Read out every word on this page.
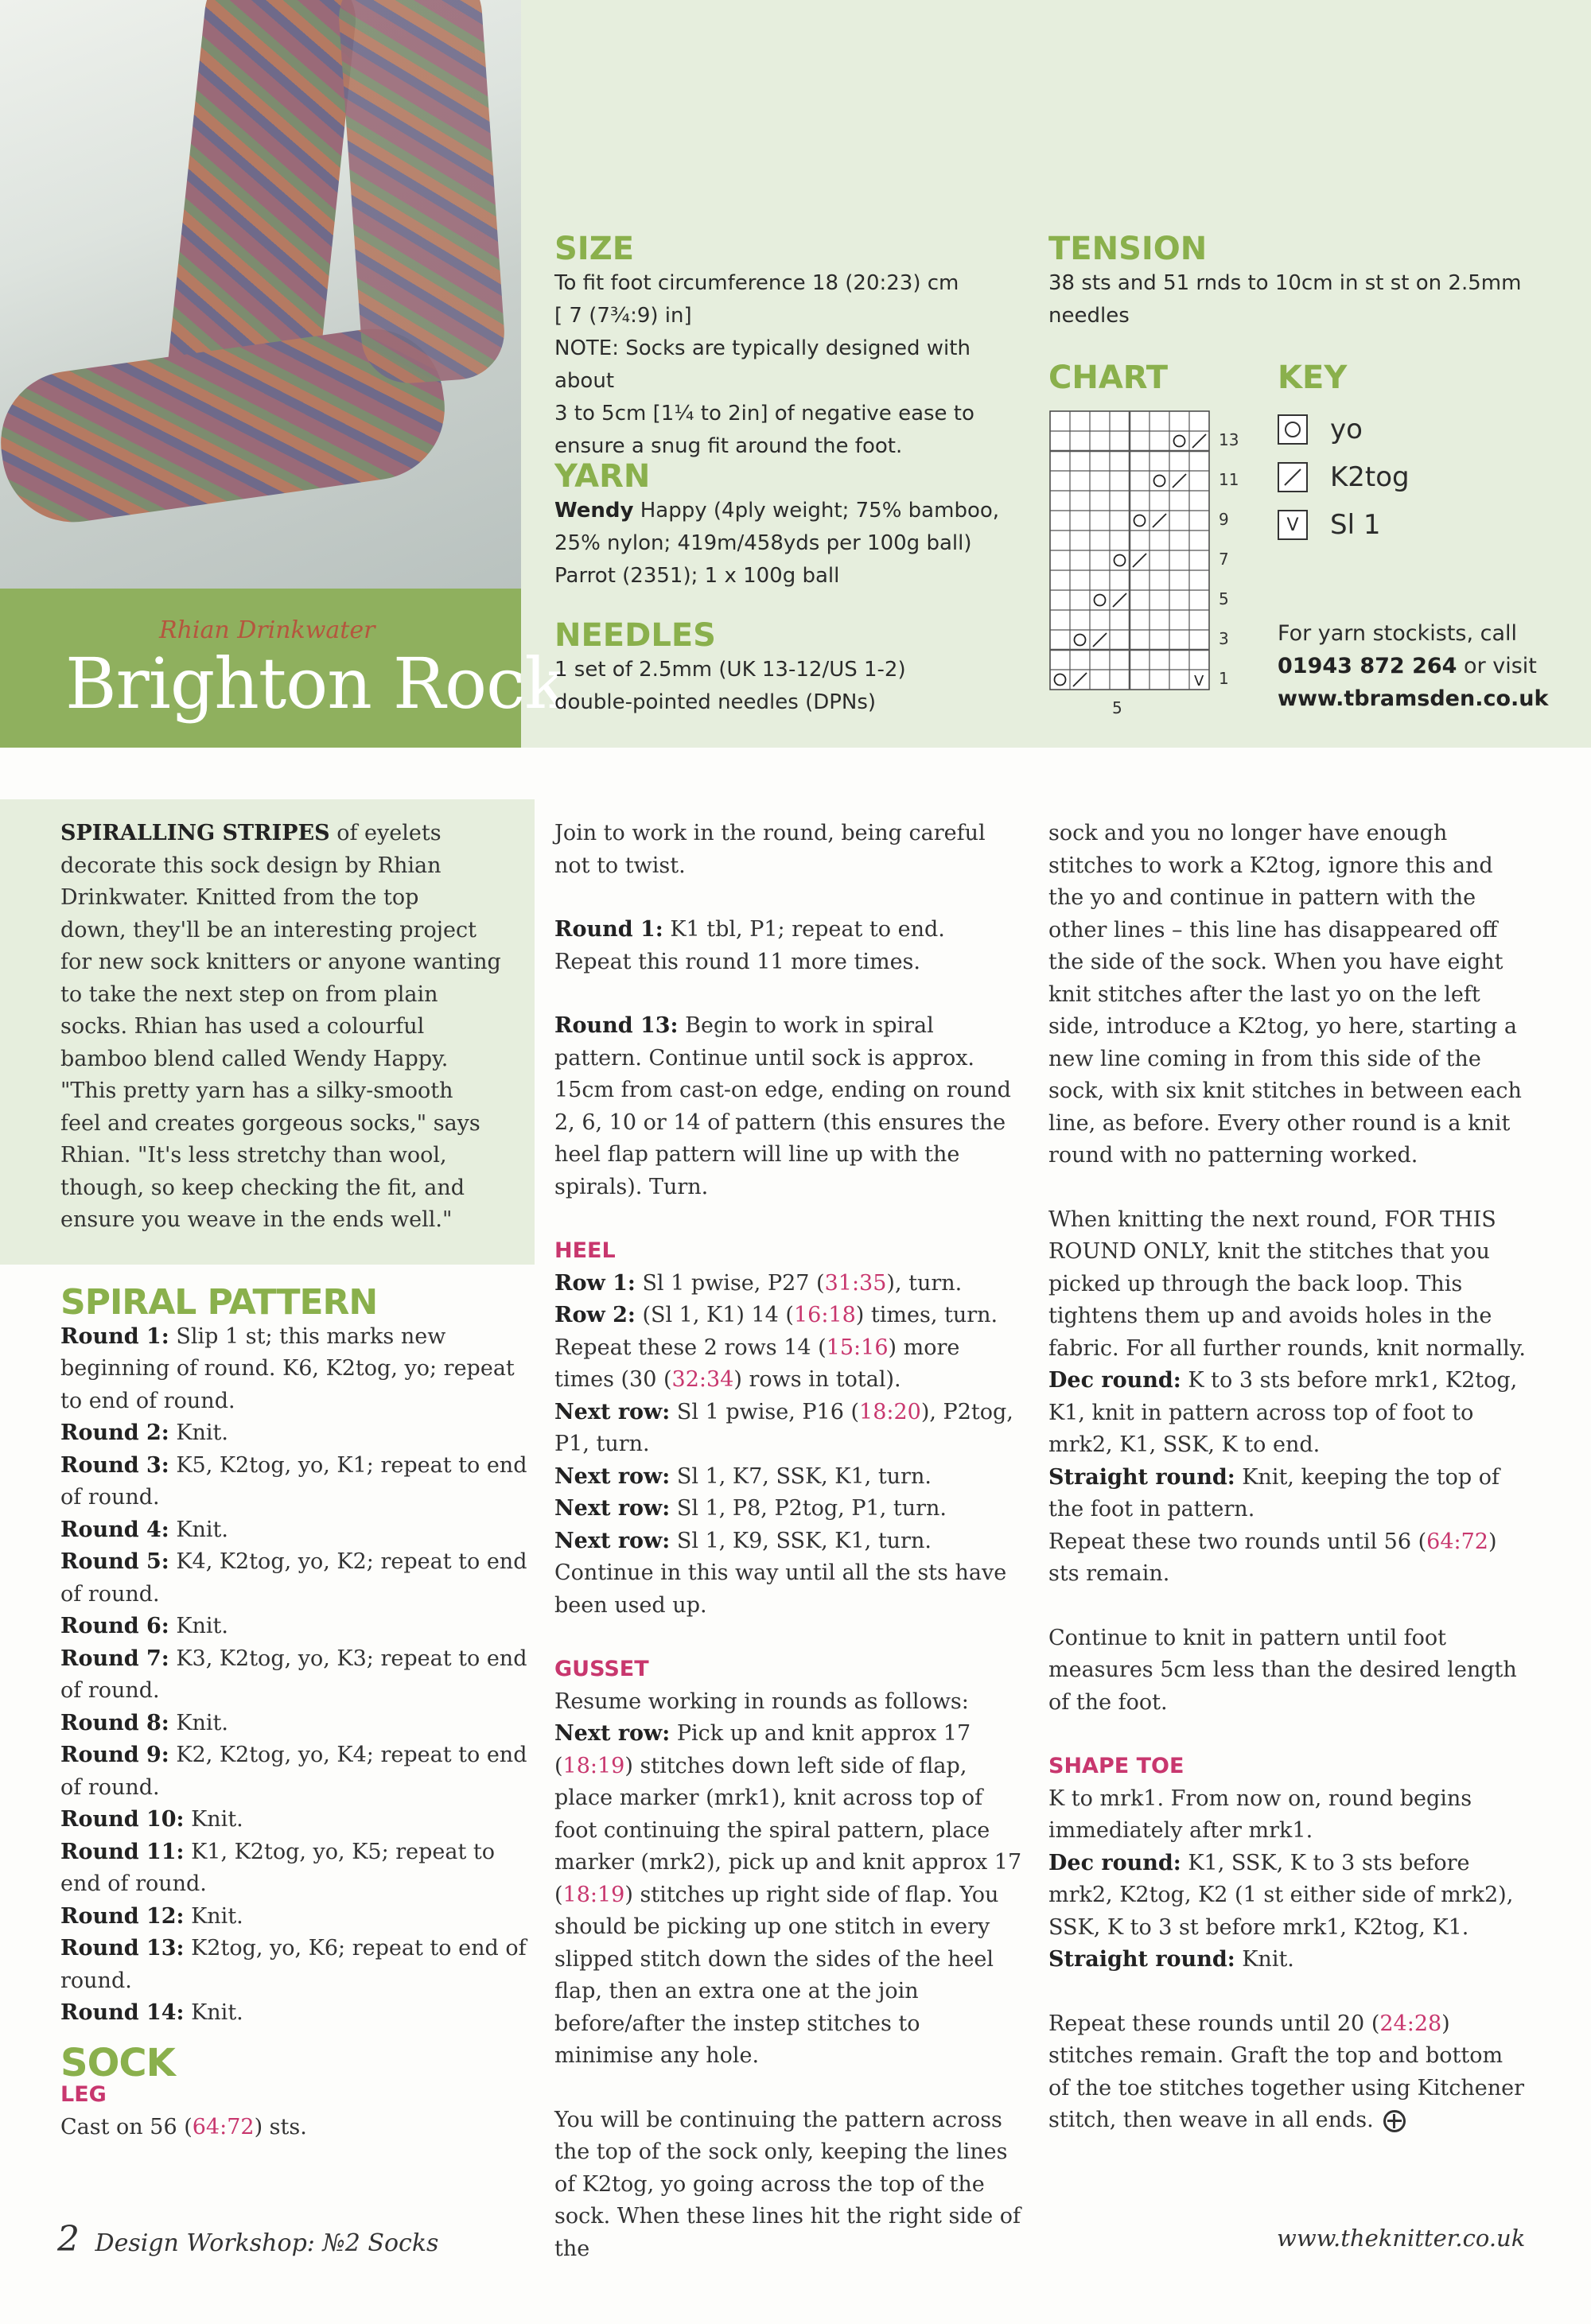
Rhian Drinkwater
Brighton Rock
SIZE
To fit foot circumference 18 (20:23) cm
[ 7 (7¾:9) in]
NOTE: Socks are typically designed with about
3 to 5cm [1¼ to 2in] of negative ease to
ensure a snug fit around the foot.
YARN
Wendy Happy (4ply weight; 75% bamboo,
25% nylon; 419m/458yds per 100g ball)
Parrot (2351); 1 x 100g ball
NEEDLES
1 set of 2.5mm (UK 13-12/US 1-2)
double-pointed needles (DPNs)
TENSION
38 sts and 51 rnds to 10cm in st st on 2.5mm
needles
CHART
V
13
11
9
7
5
3
1
5
KEY
yo
K2tog
V	Sl 1
For yarn stockists, call
01943 872 264 or visit
www.tbramsden.co.uk

SPIRALLING STRIPES of eyelets

decorate this sock design by Rhian

Drinkwater. Knitted from the top

down, they'll be an interesting project

for new sock knitters or anyone wanting

to take the next step on from plain

socks. Rhian has used a colourful

bamboo blend called Wendy Happy.

"This pretty yarn has a silky-smooth

feel and creates gorgeous socks," says

Rhian. "It's less stretchy than wool,

though, so keep checking the fit, and

ensure you weave in the ends well."

SPIRAL PATTERN

Round 1: Slip 1 st; this marks new beginning of round. K6, K2tog, yo; repeat to end of round.

Round 2: Knit.

Round 3: K5, K2tog, yo, K1; repeat to end of round.

Round 4: Knit.

Round 5: K4, K2tog, yo, K2; repeat to end of round.

Round 6: Knit.

Round 7: K3, K2tog, yo, K3; repeat to end of round.

Round 8: Knit.

Round 9: K2, K2tog, yo, K4; repeat to end of round.

Round 10: Knit.

Round 11: K1, K2tog, yo, K5; repeat to end of round.

Round 12: Knit.

Round 13: K2tog, yo, K6; repeat to end of round.

Round 14: Knit.

SOCK
LEG

Cast on 56 (64:72) sts.

Join to work in the round, being careful not to twist.

Round 1: K1 tbl, P1; repeat to end.

Repeat this round 11 more times.

Round 13: Begin to work in spiral pattern. Continue until sock is approx. 15cm from cast-on edge, ending on round 2, 6, 10 or 14 of pattern (this ensures the heel flap pattern will line up with the spirals). Turn.

HEEL

Row 1: Sl 1 pwise, P27 (31:35), turn.

Row 2: (Sl 1, K1) 14 (16:18) times, turn.

Repeat these 2 rows 14 (15:16) more times (30 (32:34) rows in total).

Next row: Sl 1 pwise, P16 (18:20), P2tog, P1, turn.

Next row: Sl 1, K7, SSK, K1, turn.

Next row: Sl 1, P8, P2tog, P1, turn.

Next row: Sl 1, K9, SSK, K1, turn.

Continue in this way until all the sts have been used up.

GUSSET

Resume working in rounds as follows:

Next row: Pick up and knit approx 17 (18:19) stitches down left side of flap, place marker (mrk1), knit across top of foot continuing the spiral pattern, place marker (mrk2), pick up and knit approx 17 (18:19) stitches up right side of flap. You should be picking up one stitch in every slipped stitch down the sides of the heel flap, then an extra one at the join before/after the instep stitches to minimise any hole.

You will be continuing the pattern across the top of the sock only, keeping the lines of K2tog, yo going across the top of the sock. When these lines hit the right side of the

sock and you no longer have enough stitches to work a K2tog, ignore this and the yo and continue in pattern with the other lines – this line has disappeared off the side of the sock. When you have eight knit stitches after the last yo on the left side, introduce a K2tog, yo here, starting a new line coming in from this side of the sock, with six knit stitches in between each line, as before. Every other round is a knit round with no patterning worked.

When knitting the next round, FOR THIS ROUND ONLY, knit the stitches that you picked up through the back loop. This tightens them up and avoids holes in the fabric. For all further rounds, knit normally.

Dec round: K to 3 sts before mrk1, K2tog, K1, knit in pattern across top of foot to mrk2, K1, SSK, K to end.

Straight round: Knit, keeping the top of the foot in pattern.

Repeat these two rounds until 56 (64:72) sts remain.

Continue to knit in pattern until foot measures 5cm less than the desired length of the foot.

SHAPE TOE

K to mrk1. From now on, round begins immediately after mrk1.

Dec round: K1, SSK, K to 3 sts before mrk2, K2tog, K2 (1 st either side of mrk2), SSK, K to 3 st before mrk1, K2tog, K1.

Straight round: Knit.

Repeat these rounds until 20 (24:28) stitches remain. Graft the top and bottom of the toe stitches together using Kitchener stitch, then weave in all ends.

2 Design Workshop: №2 Socks	www.theknitter.co.uk
